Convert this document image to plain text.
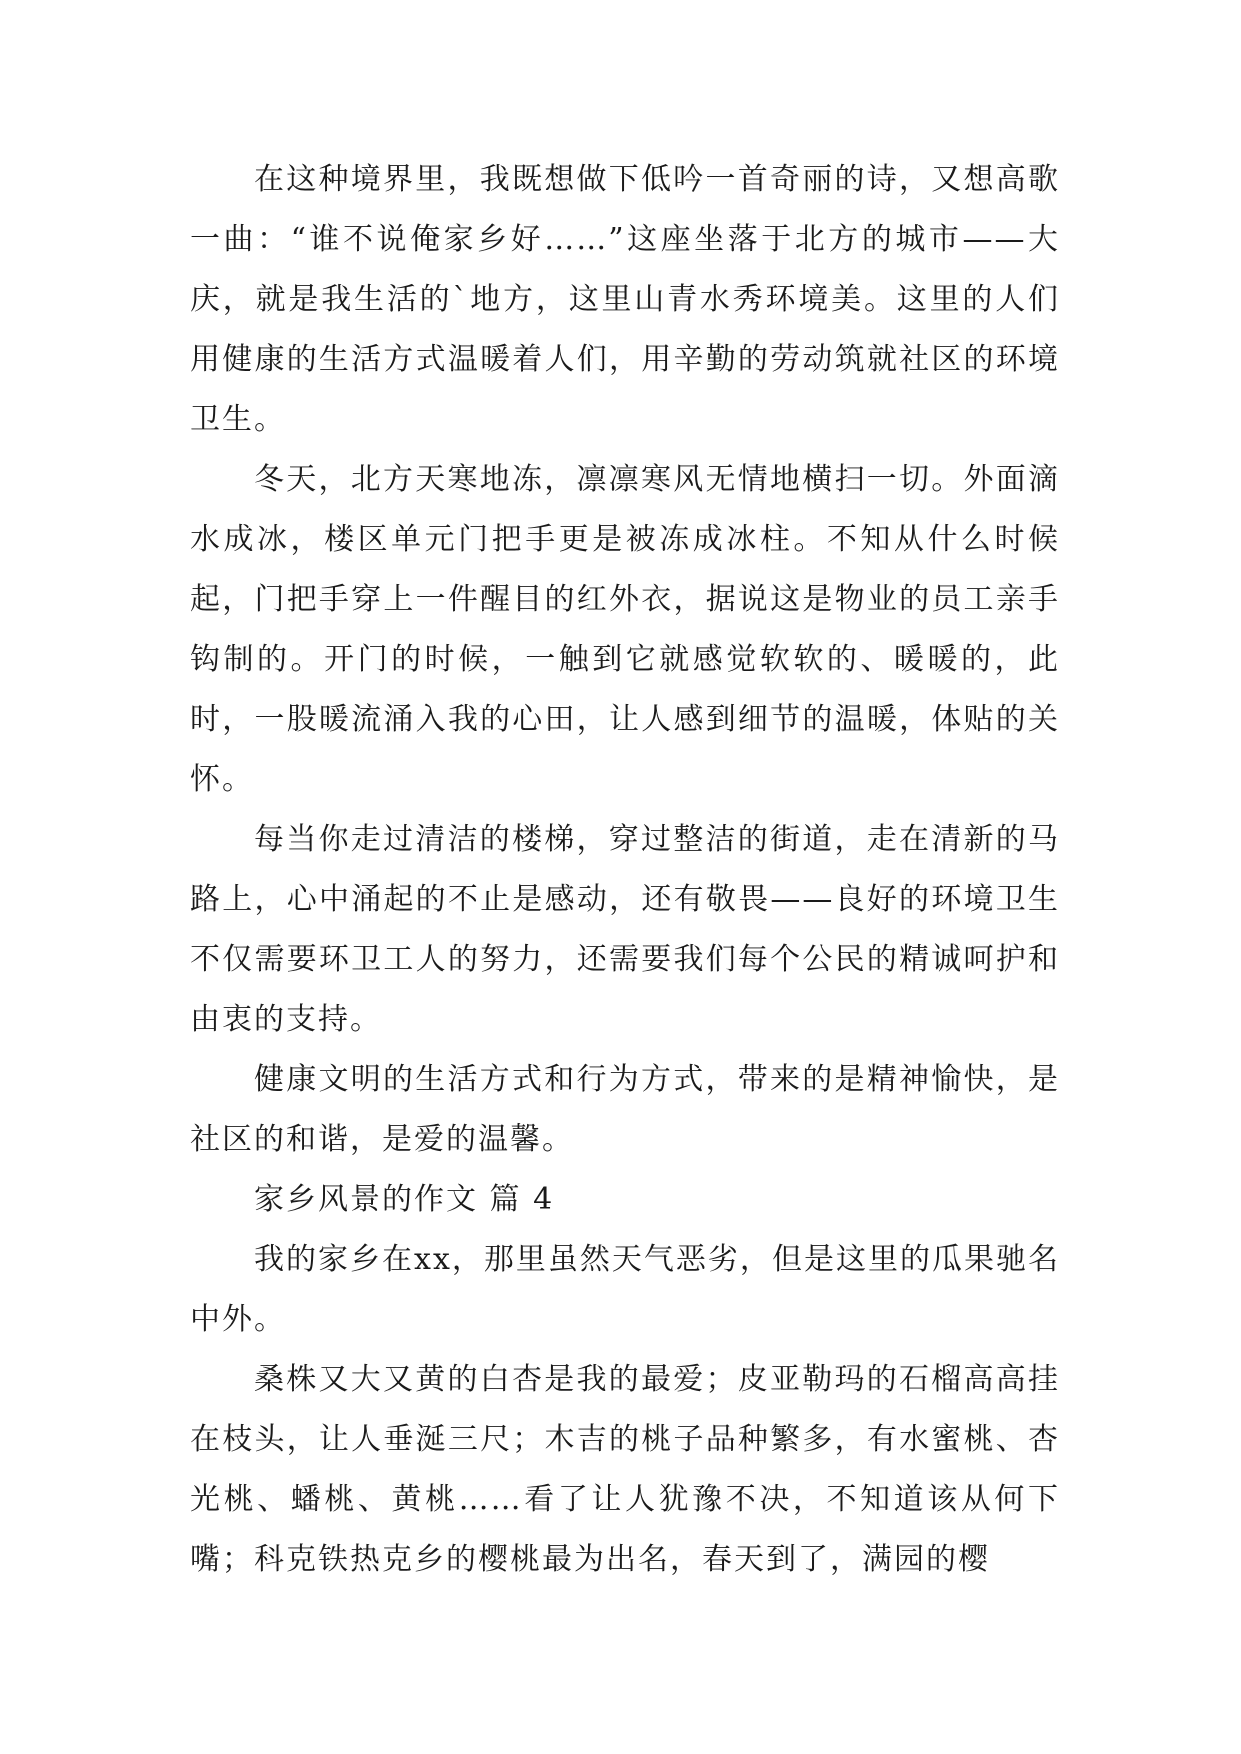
在这种境界里，我既想做下低吟一首奇丽的诗，又想高歌一曲：“谁不说俺家乡好……”这座坐落于北方的城市——大庆，就是我生活的`地方，这里山青水秀环境美。这里的人们用健康的生活方式温暖着人们，用辛勤的劳动筑就社区的环境卫生。

冬天，北方天寒地冻，凛凛寒风无情地横扫一切。外面滴水成冰，楼区单元门把手更是被冻成冰柱。不知从什么时候起，门把手穿上一件醒目的红外衣，据说这是物业的员工亲手钩制的。开门的时候，一触到它就感觉软软的、暖暖的，此时，一股暖流涌入我的心田，让人感到细节的温暖，体贴的关怀。

每当你走过清洁的楼梯，穿过整洁的街道，走在清新的马路上，心中涌起的不止是感动，还有敬畏——良好的环境卫生不仅需要环卫工人的努力，还需要我们每个公民的精诚呵护和由衷的支持。

健康文明的生活方式和行为方式，带来的是精神愉快，是社区的和谐，是爱的温馨。

家乡风景的作文 篇 4

我的家乡在xx，那里虽然天气恶劣，但是这里的瓜果驰名中外。

桑株又大又黄的白杏是我的最爱；皮亚勒玛的石榴高高挂在枝头，让人垂涎三尺；木吉的桃子品种繁多，有水蜜桃、杏光桃、蟠桃、黄桃……看了让人犹豫不决，不知道该从何下嘴；科克铁热克乡的樱桃最为出名，春天到了，满园的樱
